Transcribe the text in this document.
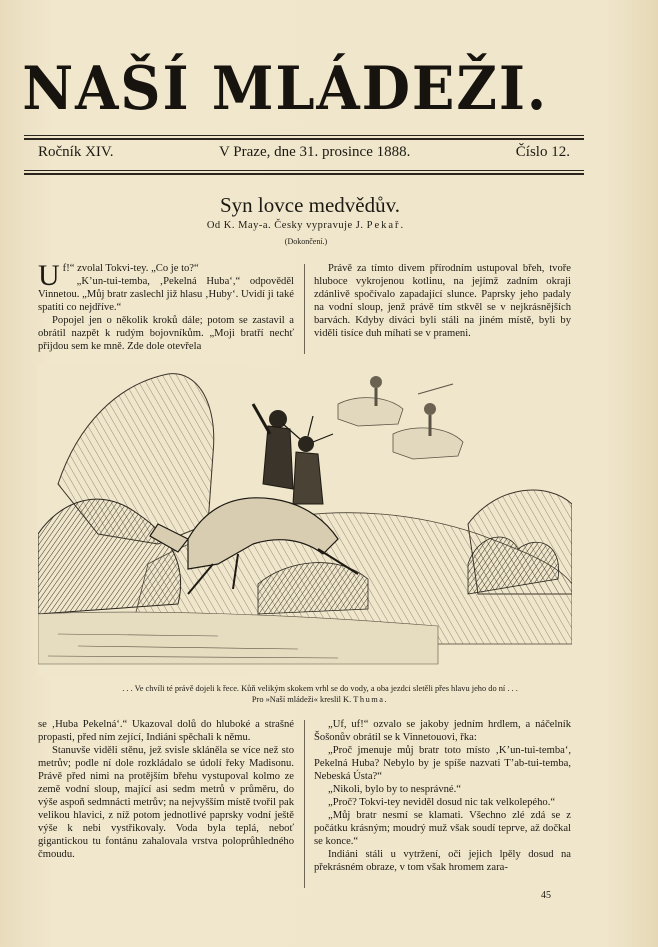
NAŠÍ MLÁDEŽI.
Ročník XIV.	V Praze, dne 31. prosince 1888.	Číslo 12.
Syn lovce medvědův.
Od K. May-a. Česky vypravuje J. Pekař.
(Dokončení.)

Uf!“ zvolal Tokvi-tey. „Co je to?“

„K’un-tui-temba, ‚Pekelná Huba‘,“ odpověděl Vinnetou. „Můj bratr zaslechl již hlasu ‚Huby‘. Uvidí ji také spatiti co nejdříve.“

Popojel jen o několik kroků dále; potom se zastavil a obrátil nazpět k rudým bojovníkům. „Moji bratří nechť přijdou sem ke mně. Zde dole otevřela

Právě za tímto divem přírodním ustupoval břeh, tvoře hluboce vykrojenou kotlinu, na jejímž zadním okraji zdánlivě spočívalo zapadající slunce. Paprsky jeho padaly na vodní sloup, jenž právě tím stkvěl se v nejkrásnějších barvách. Kdyby diváci byli stáli na jiném místě, byli by viděli tisíce duh míhati se v prameni.

. . . Ve chvíli té právě dojeli k řece. Kůň velikým skokem vrhl se do vody, a oba jezdci sletěli přes hlavu jeho do ní . . .
Pro »Naší mládeži« kreslil K. Thuma.

se ‚Huba Pekelná‘.“ Ukazoval dolů do hluboké a strašné propasti, před ním zející, Indiáni spěchali k němu.

Stanuvše viděli stěnu, jež svisle skláněla se více než sto metrův; podle ní dole rozkládalo se údolí řeky Madisonu. Právě před nimi na protějším břehu vystupoval kolmo ze země vodní sloup, mající asi sedm metrů v průměru, do výše aspoň sedmnácti metrův; na nejvyšším místě tvořil pak velikou hlavici, z níž potom jednotlivé paprsky vodní ještě výše k nebi vystřikovaly. Voda byla teplá, neboť gigantickou tu fontánu zahalovala vrstva poloprůhledného čmoudu.

„Uf, uf!“ ozvalo se jakoby jedním hrdlem, a náčelník Šošonův obrátil se k Vinnetouovi, řka:

„Proč jmenuje můj bratr toto místo ‚K’un-tui-temba‘, Pekelná Huba? Nebylo by je spíše nazvati T’ab-tui-temba, Nebeská Ústa?“

„Nikoli, bylo by to nesprávné.“

„Proč? Tokvi-tey neviděl dosud nic tak velkolepého.“

„Můj bratr nesmí se klamati. Všechno zlé zdá se z počátku krásným; moudrý muž však soudí teprve, až dočkal se konce.“

Indiáni stáli u vytržení, oči jejich lpěly dosud na překrásném obraze, v tom však hromem zara-

45
